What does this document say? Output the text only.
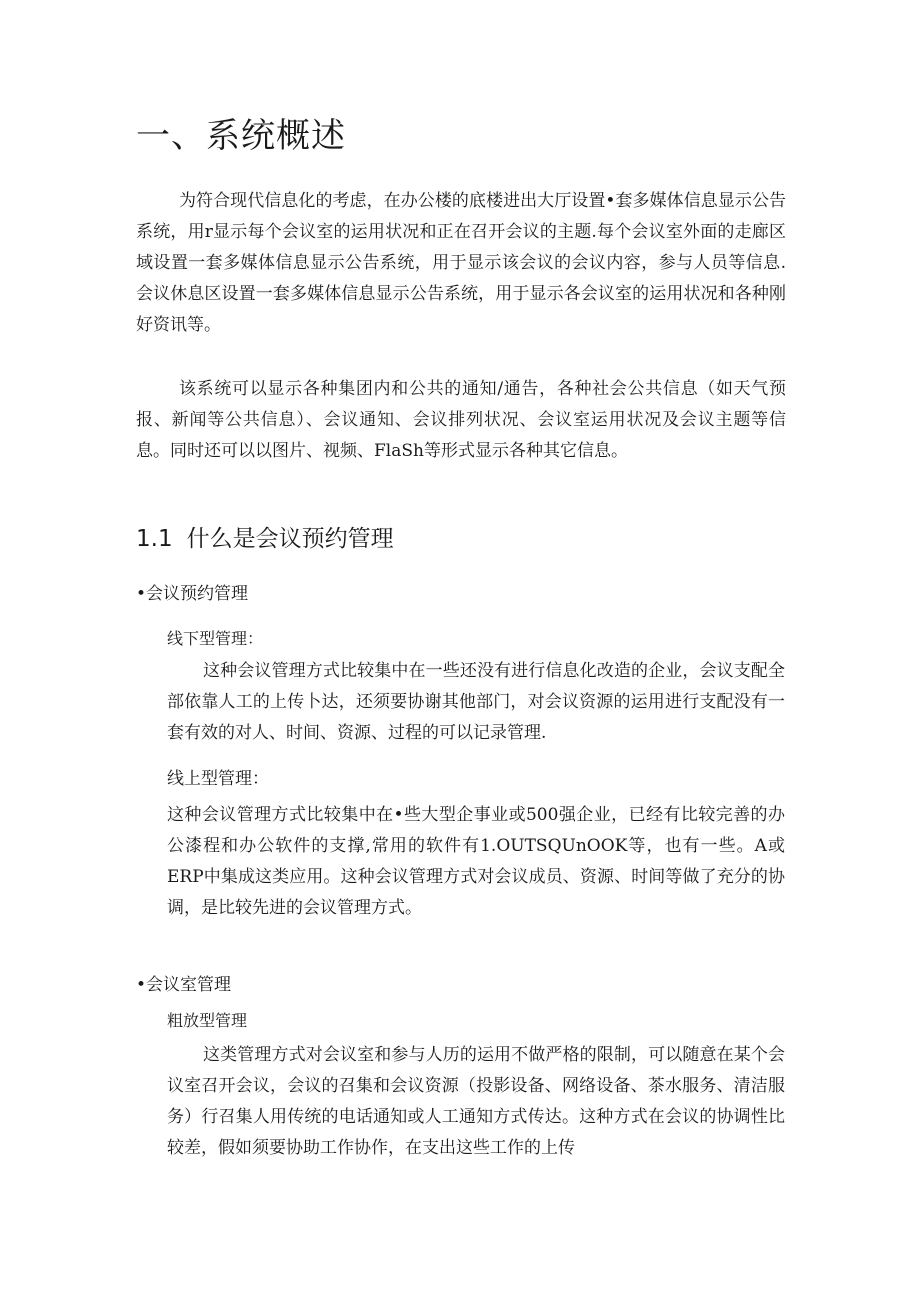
一、系统概述

为符合现代信息化的考虑，在办公楼的底楼进出大厅设置•套多媒体信息显示公告系统，用r显示每个会议室的运用状况和正在召开会议的主题.每个会议室外面的走廊区域设置一套多媒体信息显示公告系统，用于显示该会议的会议内容，参与人员等信息.会议休息区设置一套多媒体信息显示公告系统，用于显示各会议室的运用状况和各种刚好资讯等。

该系统可以显示各种集团内和公共的通知/通告，各种社会公共信息（如天气预报、新闻等公共信息）、会议通知、会议排列状况、会议室运用状况及会议主题等信息。同时还可以以图片、视频、FlaSh等形式显示各种其它信息。

1.1 什么是会议预约管理

•会议预约管理

线下型管理：

这种会议管理方式比较集中在一些还没有进行信息化改造的企业，会议支配全部依靠人工的上传卜达，还须要协谢其他部门，对会议资源的运用进行支配没有一套有效的对人、时间、资源、过程的可以记录管理.

线上型管理：

这种会议管理方式比较集中在•些大型企事业或500强企业，已经有比较完善的办公漆程和办公软件的支撑,常用的软件有1.OUTSQUnOOK等，也有一些。A或ERP中集成这类应用。这种会议管理方式对会议成员、资源、时间等做了充分的协调，是比较先进的会议管理方式。

•会议室管理

粗放型管理

这类管理方式对会议室和参与人历的运用不做严格的限制，可以随意在某个会议室召开会议，会议的召集和会议资源（投影设备、网络设备、茶水服务、清洁服务）行召集人用传统的电话通知或人工通知方式传达。这种方式在会议的协调性比较差，假如须要协助工作协作，在支出这些工作的上传
